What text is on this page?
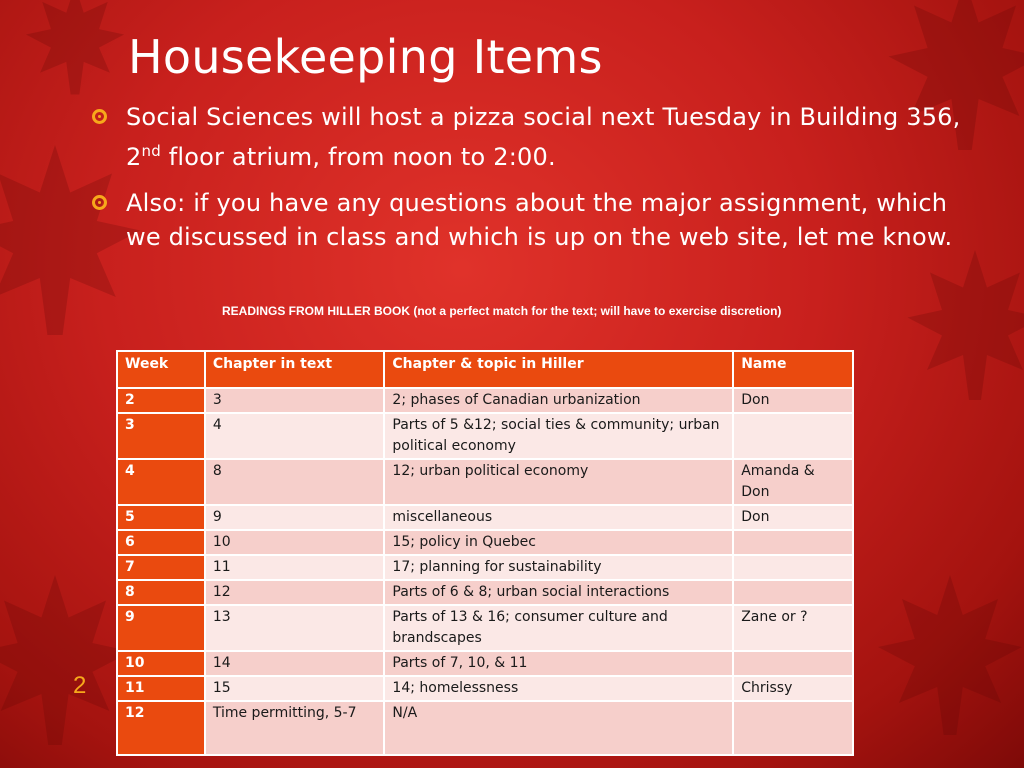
Housekeeping Items
Social Sciences will host a pizza social next Tuesday in Building 356, 2nd floor atrium, from noon to 2:00.
Also: if you have any questions about the major assignment, which we discussed in class and which is up on the web site, let me know.
READINGS FROM HILLER BOOK (not a perfect match for the text; will have to exercise discretion)
Week	Chapter in text	Chapter & topic in Hiller	Name
2	3	2; phases of Canadian urbanization	Don
3	4	Parts of 5 &12; social ties & community; urban political economy	
4	8	12; urban political economy	Amanda & Don
5	9	miscellaneous	Don
6	10	15; policy in Quebec	
7	11	17; planning for sustainability	
8	12	Parts of 6 & 8; urban social interactions	
9	13	Parts of 13 & 16; consumer culture and brandscapes	Zane or ?
10	14	Parts of 7, 10, & 11	
11	15	14; homelessness	Chrissy
12	Time permitting, 5-7	N/A	
2
